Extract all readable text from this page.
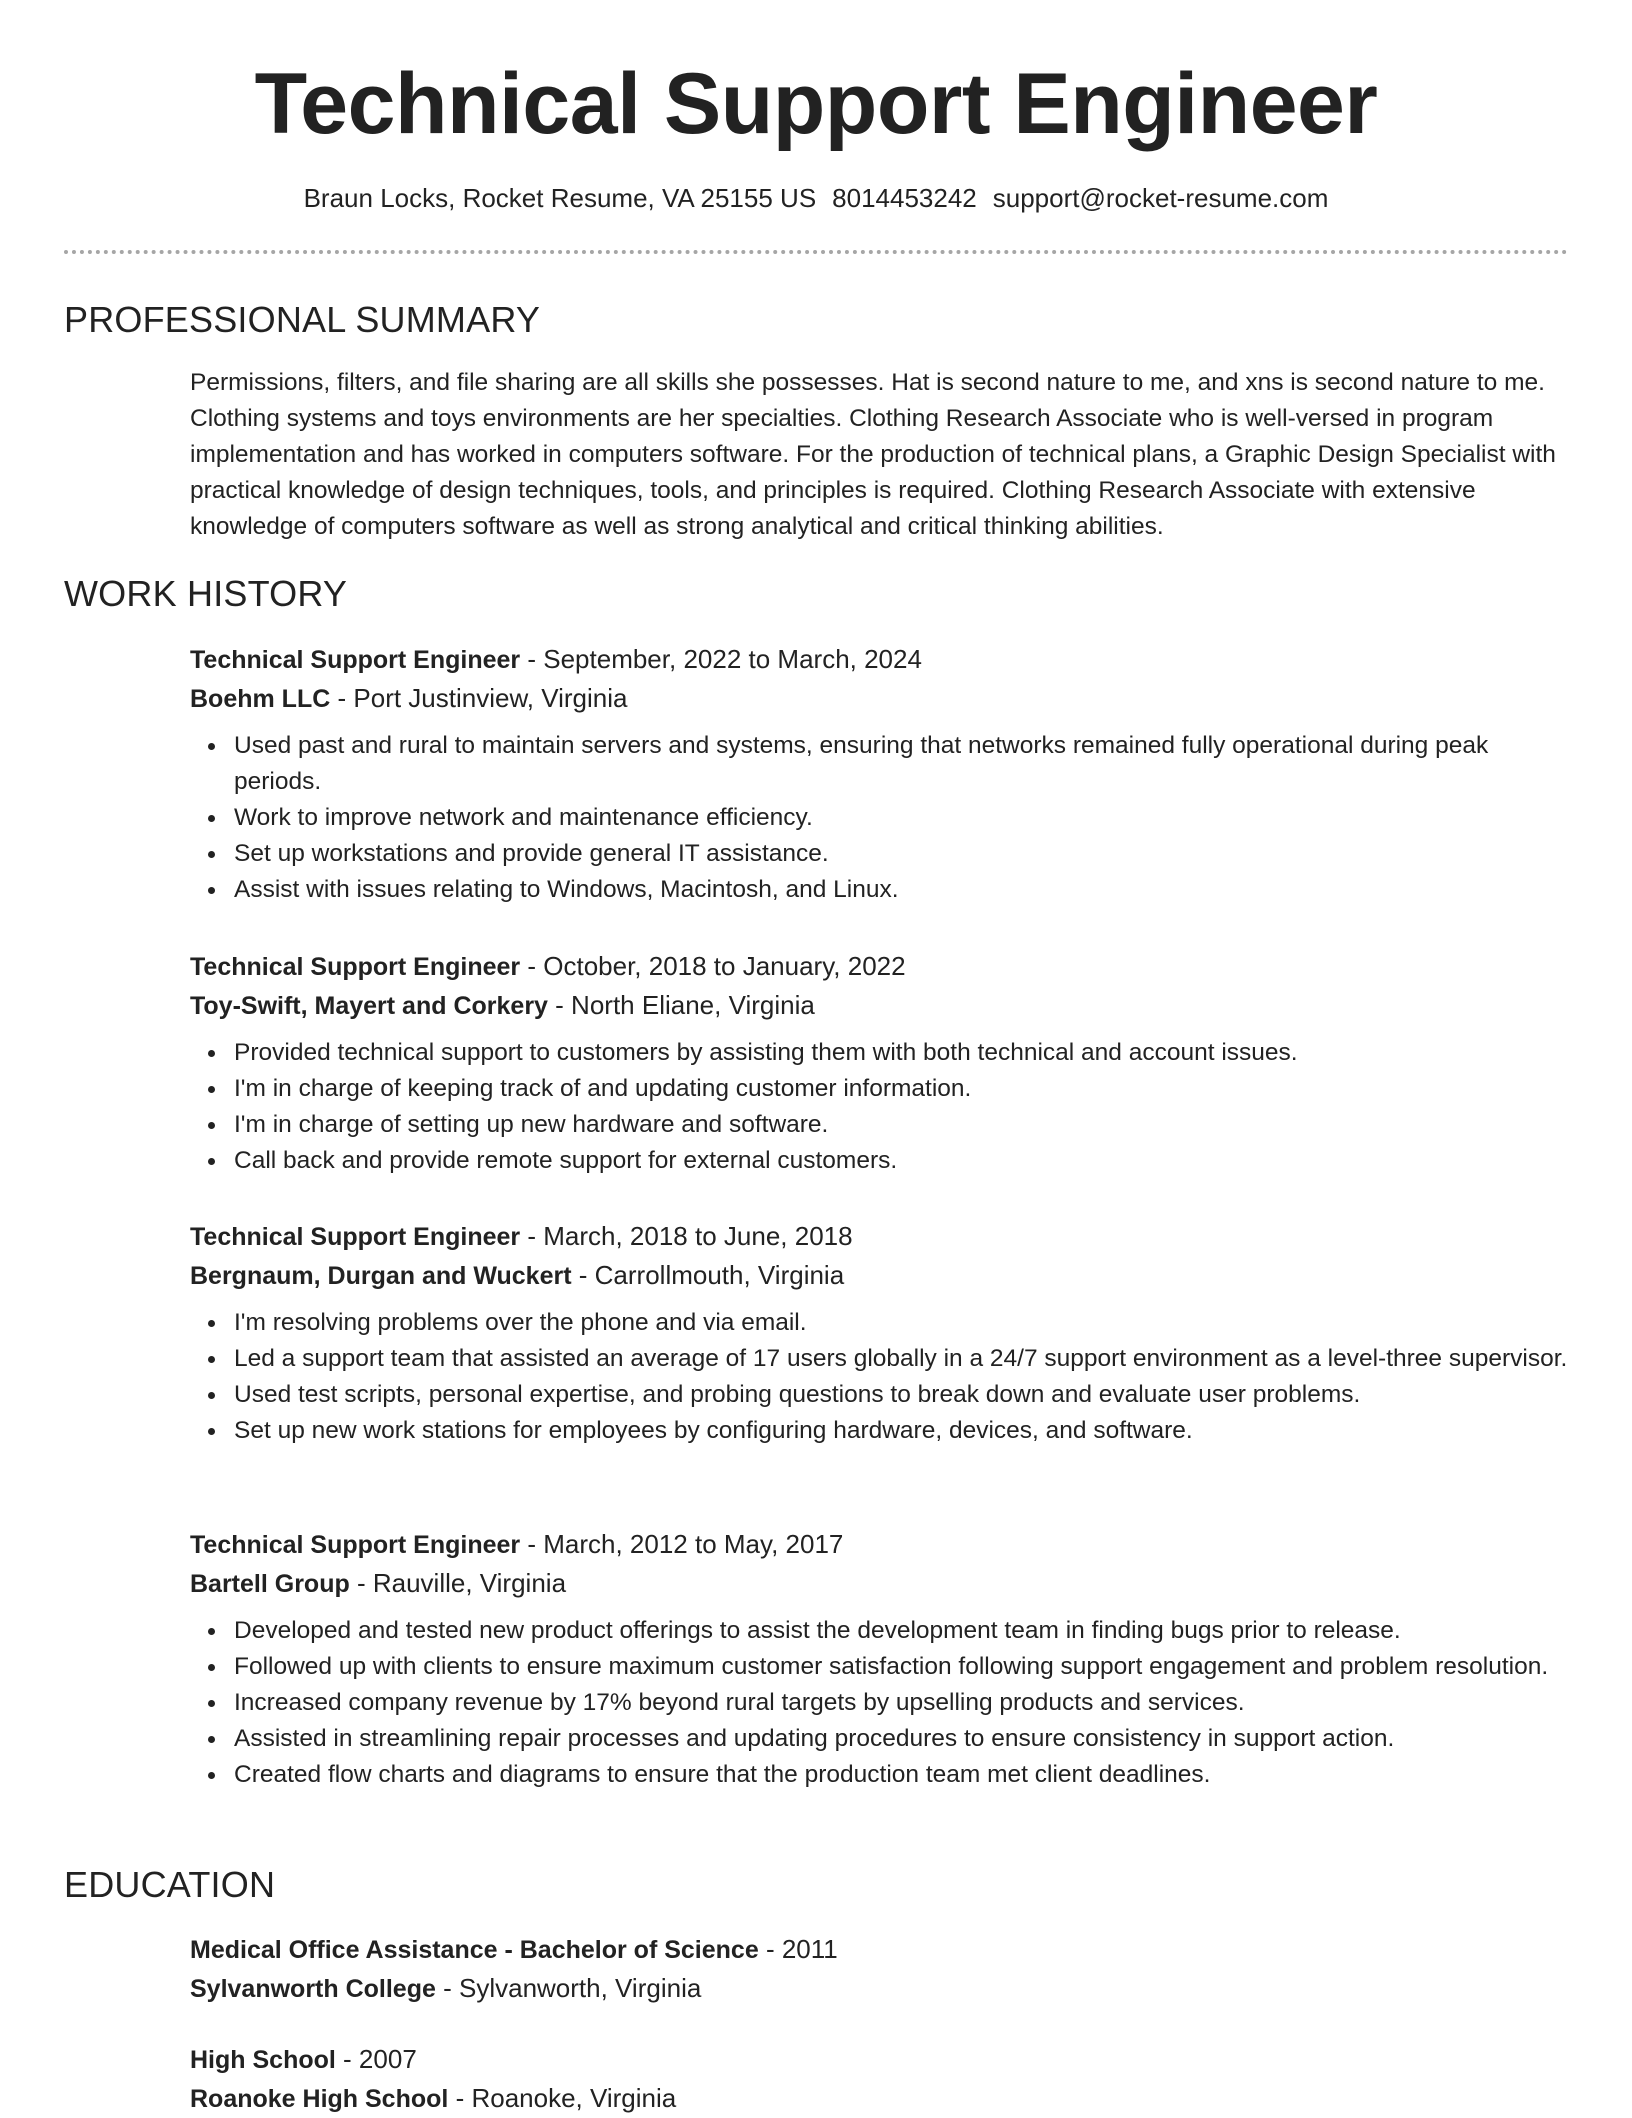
Technical Support Engineer
Braun Locks, Rocket Resume, VA 25155 US 8014453242 support@rocket-resume.com
PROFESSIONAL SUMMARY

Permissions, filters, and file sharing are all skills she possesses. Hat is second nature to me, and xns is second nature to me. Clothing systems and toys environments are her specialties. Clothing Research Associate who is well-versed in program implementation and has worked in computers software. For the production of technical plans, a Graphic Design Specialist with practical knowledge of design techniques, tools, and principles is required. Clothing Research Associate with extensive knowledge of computers software as well as strong analytical and critical thinking abilities.

WORK HISTORY
Technical Support Engineer - September, 2022 to March, 2024
Boehm LLC - Port Justinview, Virginia
Used past and rural to maintain servers and systems, ensuring that networks remained fully operational during peak periods.
Work to improve network and maintenance efficiency.
Set up workstations and provide general IT assistance.
Assist with issues relating to Windows, Macintosh, and Linux.
Technical Support Engineer - October, 2018 to January, 2022
Toy-Swift, Mayert and Corkery - North Eliane, Virginia
Provided technical support to customers by assisting them with both technical and account issues.
I'm in charge of keeping track of and updating customer information.
I'm in charge of setting up new hardware and software.
Call back and provide remote support for external customers.
Technical Support Engineer - March, 2018 to June, 2018
Bergnaum, Durgan and Wuckert - Carrollmouth, Virginia
I'm resolving problems over the phone and via email.
Led a support team that assisted an average of 17 users globally in a 24/7 support environment as a level-three supervisor.
Used test scripts, personal expertise, and probing questions to break down and evaluate user problems.
Set up new work stations for employees by configuring hardware, devices, and software.
Technical Support Engineer - March, 2012 to May, 2017
Bartell Group - Rauville, Virginia
Developed and tested new product offerings to assist the development team in finding bugs prior to release.
Followed up with clients to ensure maximum customer satisfaction following support engagement and problem resolution.
Increased company revenue by 17% beyond rural targets by upselling products and services.
Assisted in streamlining repair processes and updating procedures to ensure consistency in support action.
Created flow charts and diagrams to ensure that the production team met client deadlines.
EDUCATION
Medical Office Assistance - Bachelor of Science - 2011
Sylvanworth College - Sylvanworth, Virginia
High School - 2007
Roanoke High School - Roanoke, Virginia
